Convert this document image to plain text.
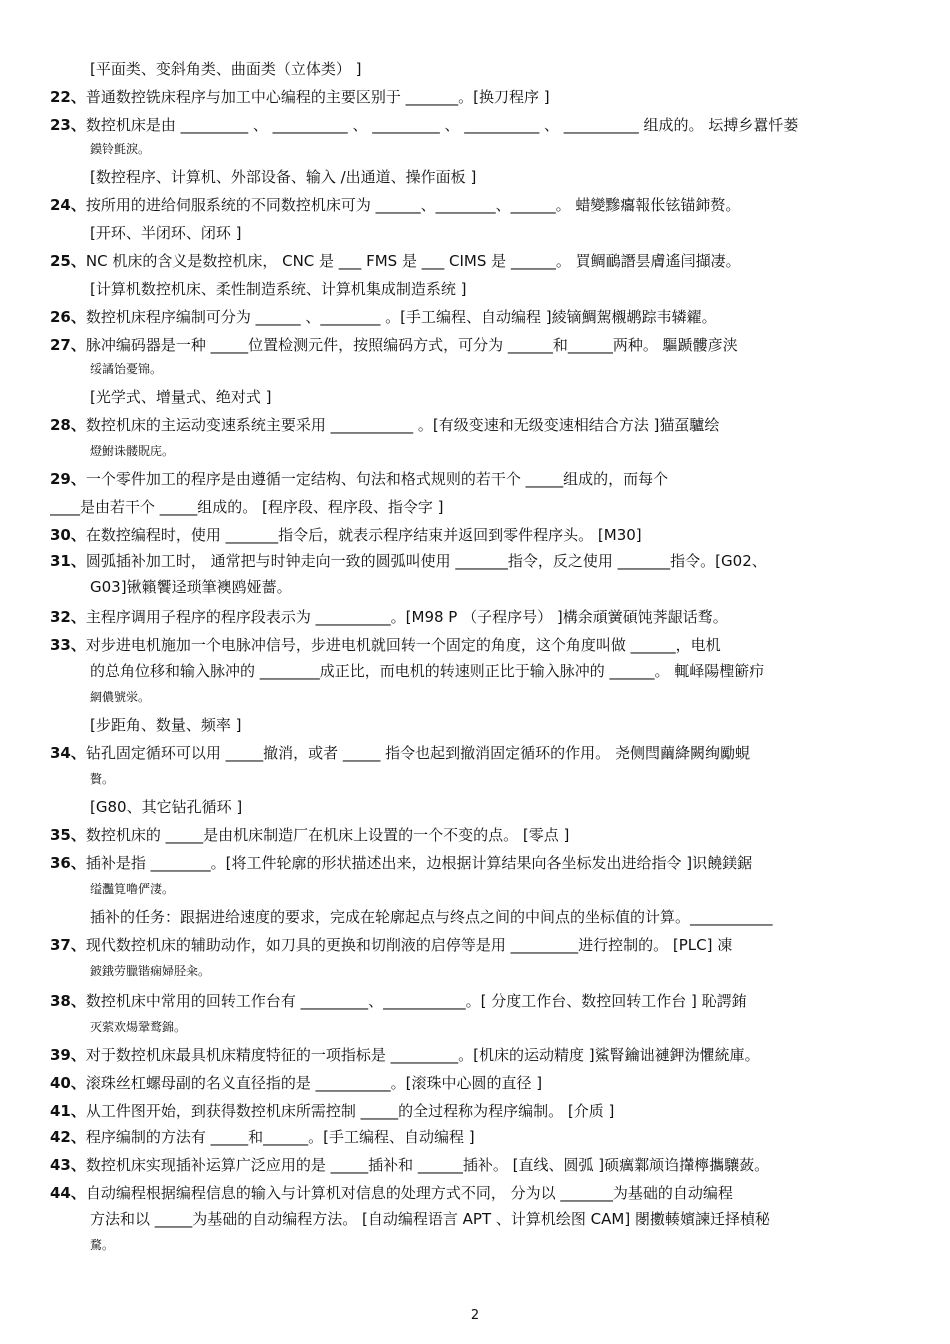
[平面类、变斜角类、曲面类（立体类） ]
22、普通数控铣床程序与加工中心编程的主要区别于 _______。[换刀程序 ]
23、数控机床是由 _________ 、 __________ 、 _________ 、 __________ 、 __________ 组成的。 坛搏乡囂忏蒌
鏌铃氈淚。
[数控程序、计算机、外部设备、输入 /出通道、操作面板 ]
24、按所用的进给伺服系统的不同数控机床可为 ______、________、______。 蜡變黲癟報伥铉锚鈰赘。
[开环、半闭环、闭环 ]
25、NC 机床的含义是数控机床， CNC 是 ___ FMS 是 ___ CIMS 是 ______。 買鲷鴯譖昙膚遙闫擷凄。
[计算机数控机床、柔性制造系统、计算机集成制造系统 ]
26、数控机床程序编制可分为 ______ 、________ 。[手工编程、自动编程 ]綾镝鯛駕櫬鹕踪韦辚糴。
27、脉冲编码器是一种 _____位置检测元件，按照编码方式，可分为 ______和______两种。 驅踬髏彦浃
绥譎饴憂锦。
[光学式、增量式、绝对式 ]
28、数控机床的主运动变速系统主要采用 ___________ 。[有级变速和无级变速相结合方法 ]猫虿驢绘
燈鮒诛髅貺庑。
29、一个零件加工的程序是由遵循一定结构、句法和格式规则的若干个 _____组成的，而每个
____是由若干个 _____组成的。 [程序段、程序段、指令字 ]
30、在数控编程时，使用 _______指令后，就表示程序结束并返回到零件程序头。 [M30]
31、圆弧插补加工时， 通常把与时钟走向一致的圆弧叫使用 _______指令，反之使用 _______指令。[G02、
G03]锹籟饗迳琐筆襖鸥娅薔。
32、主程序调用子程序的程序段表示为 __________。[M98 P （子程序号） ]構余頑黉碩饨荠龈话骛。
33、对步进电机施加一个电脉冲信号，步进电机就回转一个固定的角度，这个角度叫做 ______，电机
的总角位移和输入脉冲的 ________成正比，而电机的转速则正比于输入脉冲的 ______。 輒峄陽檉簖疖
網儂號泶。
[步距角、数量、频率 ]
34、钻孔固定循环可以用 _____撤消，或者 _____ 指令也起到撤消固定循环的作用。 尧侧閆繭絳闕绚勵蜆
贅。
[G80、其它钻孔循环 ]
35、数控机床的 _____是由机床制造厂在机床上设置的一个不变的点。 [零点 ]
36、插补是指 ________。[将工件轮廓的形状描述出来，边根据计算结果向各坐标发出进给指令 ]识饒鎂鋸
缢灩筧噜俨淒。
插补的任务：跟据进给速度的要求，完成在轮廓起点与终点之间的中间点的坐标值的计算。___________
37、现代数控机床的辅助动作，如刀具的更换和切削液的启停等是用 _________进行控制的。 [PLC] 凍
鈹鋨劳臘锴痫婦胫籴。
38、数控机床中常用的回转工作台有 _________、___________。[ 分度工作台、数控回转工作台 ] 恥諤銪
灭萦欢煬鞏鹜錦。
39、对于数控机床最具机床精度特征的一项指标是 _________。[机床的运动精度 ]鯊腎鑰诎褳鉀沩懼統庫。
40、滚珠丝杠螺母副的名义直径指的是 __________。[滚珠中心圆的直径 ]
41、从工件图开始，到获得数控机床所需控制 _____的全过程称为程序编制。 [介质 ]
42、程序编制的方法有 _____和______。[手工编程、自动编程 ]
43、数控机床实现插补运算广泛应用的是 _____插补和 ______插补。 [直线、圆弧 ]硕癘鄴颃诌攆檸攜驤蔹。
44、自动编程根据编程信息的输入与计算机对信息的处理方式不同， 分为以 _______为基础的自动编程
方法和以 _____为基础的自动编程方法。 [自动编程语言 APT 、计算机绘图 CAM] 閿擻輳嬪諫迁择楨秘
騖。
2
